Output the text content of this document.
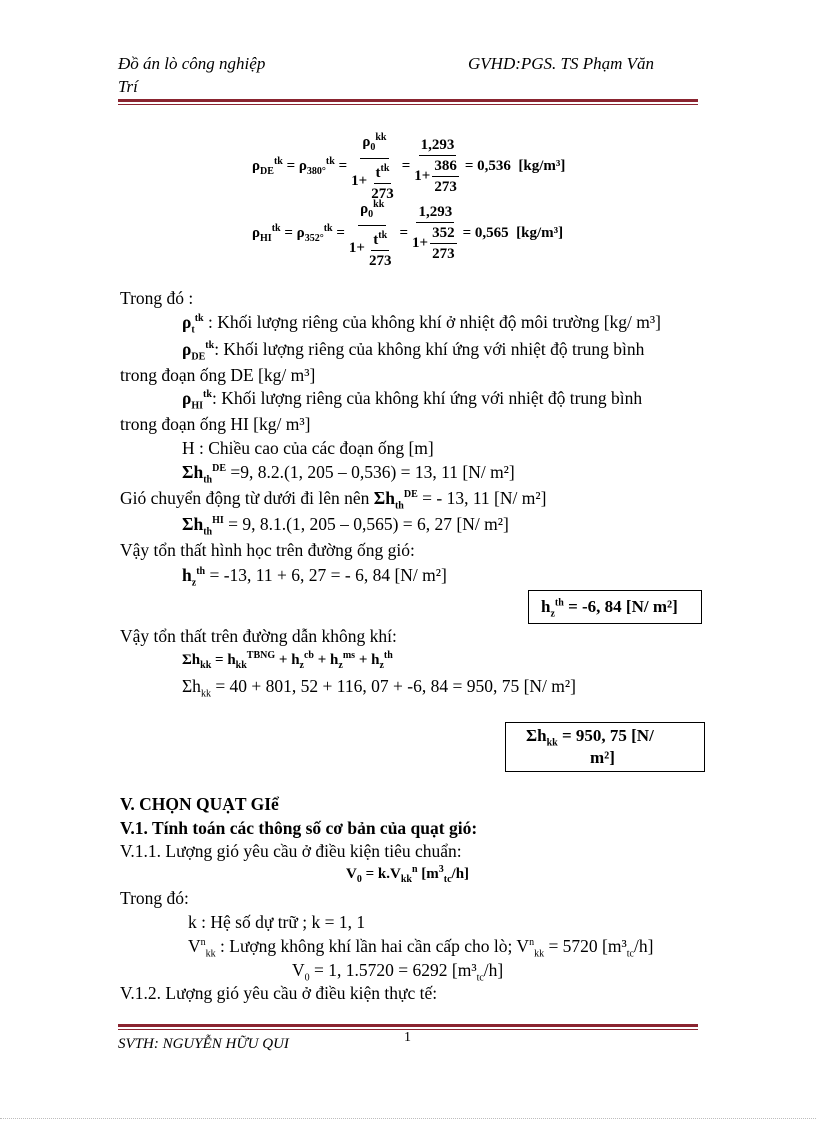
Đồ án lò công nghiệp
Trí
GVHD:PGS. TS Phạm Văn
$\rho_{DE}^{tk} = \rho_{380^\circ}^{tk} = \frac{\rho_0^{kk}}{1+ \frac{t^{tk}}{273}} = \frac{1,293}{1+ \frac{386}{273}} = 0,536$
[kg/m³]
$\rho_{HI}^{tk} = \rho_{352^\circ}^{tk} = \frac{\rho_0^{kk}}{1+ \frac{t^{tk}}{273}} = \frac{1,293}{1+ \frac{352}{273}} = 0,565$
[kg/m³]
Trong đó :
$\rho_t^{tk}$ : Khối lượng riêng của không khí ở nhiệt độ môi trường [kg/ m³]
$\rho_{DE}^{tk}$: Khối lượng riêng của không khí ứng với nhiệt độ trung bình
trong đoạn ống DE [kg/ m³]
$\rho_{HI}^{tk}$: Khối lượng riêng của không khí ứng với nhiệt độ trung bình
trong đoạn ống HI [kg/ m³]
H : Chiều cao của các đoạn ống [m]
$\Sigma h_{th}^{DE} =9$, 8.2.(1, 205 – 0,536) = 13, 11 [N/ m²]
Gió chuyển động từ dưới đi lên nên $\Sigma h_{th}^{DE}$ = - 13, 11 [N/ m²]
$\Sigma h_{th}^{HI} = 9$, 8.1.(1, 205 – 0,565) = 6, 27 [N/ m²]
Vậy tổn thất hình học trên đường ống gió:
$h_z^{th} = -13$, 11 + 6, 27 = - 6, 84 [N/ m²]
$h_z^{th} = -6$, 84 [N/ m²]
Vậy tổn thất trên đường dẫn không khí:
$\Sigma h_{kk} = h_{kk}^{TBNG} + h_z^{cb} + h_z^{ms} + h_z^{th}$
$\Sigma h_{kk} = 40 + 801$, 52 + 116, 07 + -6, 84 = 950, 75 [N/ m²]
$\Sigma h_{kk} = 950$, 75 [N/
m²]
V. CHỌN QUẠT GIể
V.1. Tính toán các thông số cơ bản của quạt gió:
V.1.1. Lượng gió yêu cầu ở điều kiện tiêu chuẩn:
$V_0 = k.V_{kk}^n$ $[m^3_{tc}/h]$
Trong đó:
k : Hệ số dự trữ ; k = 1, 1
$V^n_{kk}$ : Lượng không khí lần hai cần cấp cho lò; $V^n_{kk} = 5720$ $[m^3_{tc}/h]$
$V_0 = 1$, 1.5720 = 6292 $[m^3_{tc}/h]$
V.1.2. Lượng gió yêu cầu ở điều kiện thực tế:
SVTH: NGUYỄN HỮU QUI	1
